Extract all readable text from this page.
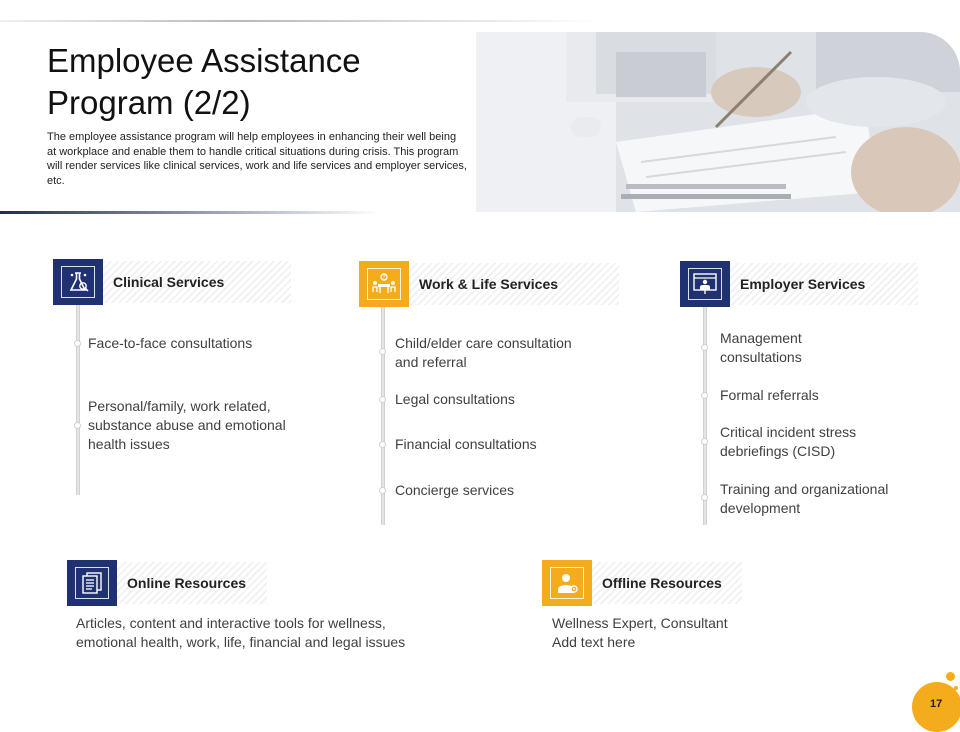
Employee Assistance
Program (2/2)
The employee assistance program will help employees in enhancing their well being at workplace and enable them to handle critical situations during crisis. This program will render services like clinical services, work and life services and employer services, etc.
Clinical Services
Face-to-face consultations
Personal/family, work related, substance abuse and emotional health issues
? Work & Life Services
Child/elder care consultation and referral
Legal consultations
Financial consultations
Concierge services
Employer Services
Management consultations
Formal referrals
Critical incident stress debriefings (CISD)
Training and organizational development
Online Resources
Articles, content and interactive tools for wellness, emotional health, work, life, financial and legal issues
Offline Resources
Wellness Expert, Consultant
Add text here
17
